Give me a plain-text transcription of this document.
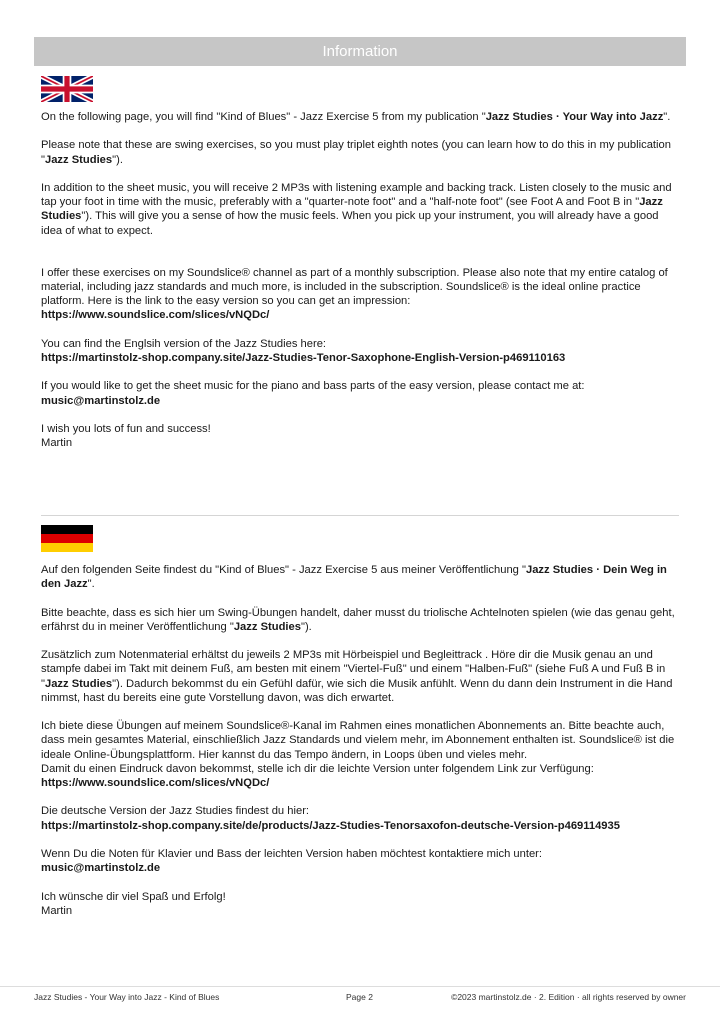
Information

On the following page, you will find "Kind of Blues" - Jazz Exercise 5 from my publication "Jazz Studies · Your Way into Jazz".

Please note that these are swing exercises, so you must play triplet eighth notes (you can learn how to do this in my publication "Jazz Studies").

In addition to the sheet music, you will receive 2 MP3s with listening example and backing track. Listen closely to the music and tap your foot in time with the music, preferably with a "quarter-note foot" and a "half-note foot" (see Foot A and Foot B in "Jazz Studies"). This will give you a sense of how the music feels. When you pick up your instrument, you will already have a good idea of what to expect.

I offer these exercises on my Soundslice® channel as part of a monthly subscription. Please also note that my entire catalog of material, including jazz standards and much more, is included in the subscription. Soundslice® is the ideal online practice platform. Here is the link to the easy version so you can get an impression:
https://www.soundslice.com/slices/vNQDc/

You can find the Englsih version of the Jazz Studies here:
https://martinstolz-shop.company.site/Jazz-Studies-Tenor-Saxophone-English-Version-p469110163

If you would like to get the sheet music for the piano and bass parts of the easy version, please contact me at:
music@martinstolz.de

I wish you lots of fun and success!
Martin

Auf den folgenden Seite findest du "Kind of Blues" - Jazz Exercise 5 aus meiner Veröffentlichung "Jazz Studies · Dein Weg in den Jazz".

Bitte beachte, dass es sich hier um Swing-Übungen handelt, daher musst du triolische Achtelnoten spielen (wie das genau geht, erfährst du in meiner Veröffentlichung "Jazz Studies").

Zusätzlich zum Notenmaterial erhältst du jeweils 2 MP3s mit Hörbeispiel und Begleittrack . Höre dir die Musik genau an und stampfe dabei im Takt mit deinem Fuß, am besten mit einem "Viertel-Fuß" und einem "Halben-Fuß" (siehe Fuß A und Fuß B in "Jazz Studies"). Dadurch bekommst du ein Gefühl dafür, wie sich die Musik anfühlt. Wenn du dann dein Instrument in die Hand nimmst, hast du bereits eine gute Vorstellung davon, was dich erwartet.

Ich biete diese Übungen auf meinem Soundslice®-Kanal im Rahmen eines monatlichen Abonnements an. Bitte beachte auch, dass mein gesamtes Material, einschließlich Jazz Standards und vielem mehr, im Abonnement enthalten ist. Soundslice® ist die ideale Online-Übungsplattform. Hier kannst du das Tempo ändern, in Loops üben und vieles mehr.
Damit du einen Eindruck davon bekommst, stelle ich dir die leichte Version unter folgendem Link zur Verfügung:
https://www.soundslice.com/slices/vNQDc/

Die deutsche Version der Jazz Studies findest du hier:
https://martinstolz-shop.company.site/de/products/Jazz-Studies-Tenorsaxofon-deutsche-Version-p469114935

Wenn Du die Noten für Klavier und Bass der leichten Version haben möchtest kontaktiere mich unter:
music@martinstolz.de

Ich wünsche dir viel Spaß und Erfolg!
Martin

Jazz Studies - Your Way into Jazz - Kind of Blues	Page 2	©2023 martinstolz.de · 2. Edition · all rights reserved by owner
